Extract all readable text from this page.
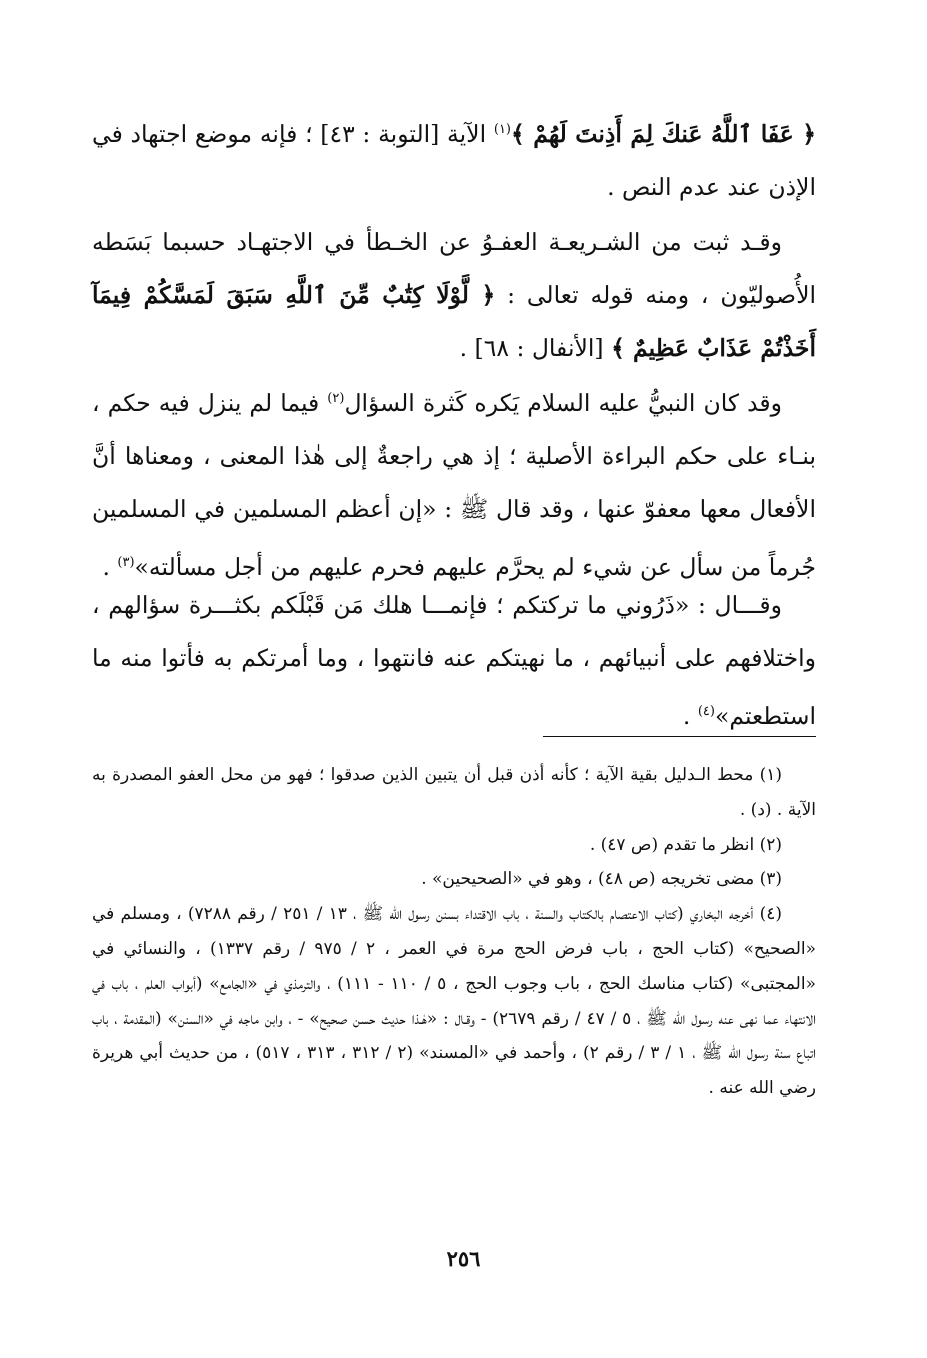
﴿ عَفَا ٱللَّهُ عَنكَ لِمَ أَذِنتَ لَهُمْ ﴾$^{(١)}$ الآية [التوبة : ٤٣] ؛ فإنه موضع اجتهاد في الإذن عند عدم النص .

وقـد ثبت من الشـريعـة العفـوُ عن الخـطأ في الاجتهـاد حسبما بَسَطه الأُصوليّون ، ومنه قوله تعالى : ﴿ لَّوْلَا كِتَٰبٌ مِّنَ ٱللَّهِ سَبَقَ لَمَسَّكُمْ فِيمَآ أَخَذْتُمْ عَذَابٌ عَظِيمٌ ﴾ [الأنفال : ٦٨] .

وقد كان النبيُّ عليه السلام يَكره كَثرة السؤال$^{(٢)}$ فيما لم ينزل فيه حكم ، بنـاء على حكم البراءة الأصلية ؛ إذ هي راجعةٌ إلى هٰذا المعنى ، ومعناها أنَّ الأفعال معها معفوّ عنها ، وقد قال ﷺ : «إن أعظم المسلمين في المسلمين جُرماً من سأل عن شيء لم يحرَّم عليهم فحرم عليهم من أجل مسألته»$^{(٣)}$ .

وقـــال : «ذَرُوني ما تركتكم ؛ فإنمـــا هلك مَن قَبْلَكم بكثـــرة سؤالهم ، واختلافهم على أنبيائهم ، ما نهيتكم عنه فانتهوا ، وما أمرتكم به فأتوا منه ما استطعتم»$^{(٤)}$ .

(١) محط الـدليل بقية الآية ؛ كأنه أذن قبل أن يتبين الذين صدقوا ؛ فهو من محل العفو المصدرة به الآية . (د) .

(٢) انظر ما تقدم (ص ٤٧) .

(٣) مضى تخريجه (ص ٤٨) ، وهو في «الصحيحين» .

(٤) أخرجه البخاري (كتاب الاعتصام بالكتاب والسنة ، باب الاقتداء بسنن رسول الله ﷺ ، ١٣ / ٢٥١ / رقم ٧٢٨٨) ، ومسلم في «الصحيح» (كتاب الحج ، باب فرض الحج مرة في العمر ، ٢ / ٩٧٥ / رقم ١٣٣٧) ، والنسائي في «المجتبى» (كتاب مناسك الحج ، باب وجوب الحج ، ٥ / ١١٠ - ١١١) ، والترمذي في «الجامع» (أبواب العلم ، باب في الانتهاء عما نهى عنه رسول الله ﷺ ، ٥ / ٤٧ / رقم ٢٦٧٩) - وقـال : «هٰـذا حديث حسن صحيح» - ، وابن ماجه في «السنن» (المقدمة ، باب اتباع سنة رسول الله ﷺ ، ١ / ٣ / رقم ٢) ، وأحمد في «المسند» (٢ / ٣١٢ ، ٣١٣ ، ٥١٧) ، من حديث أبي هريرة رضي الله عنه .

٢٥٦
